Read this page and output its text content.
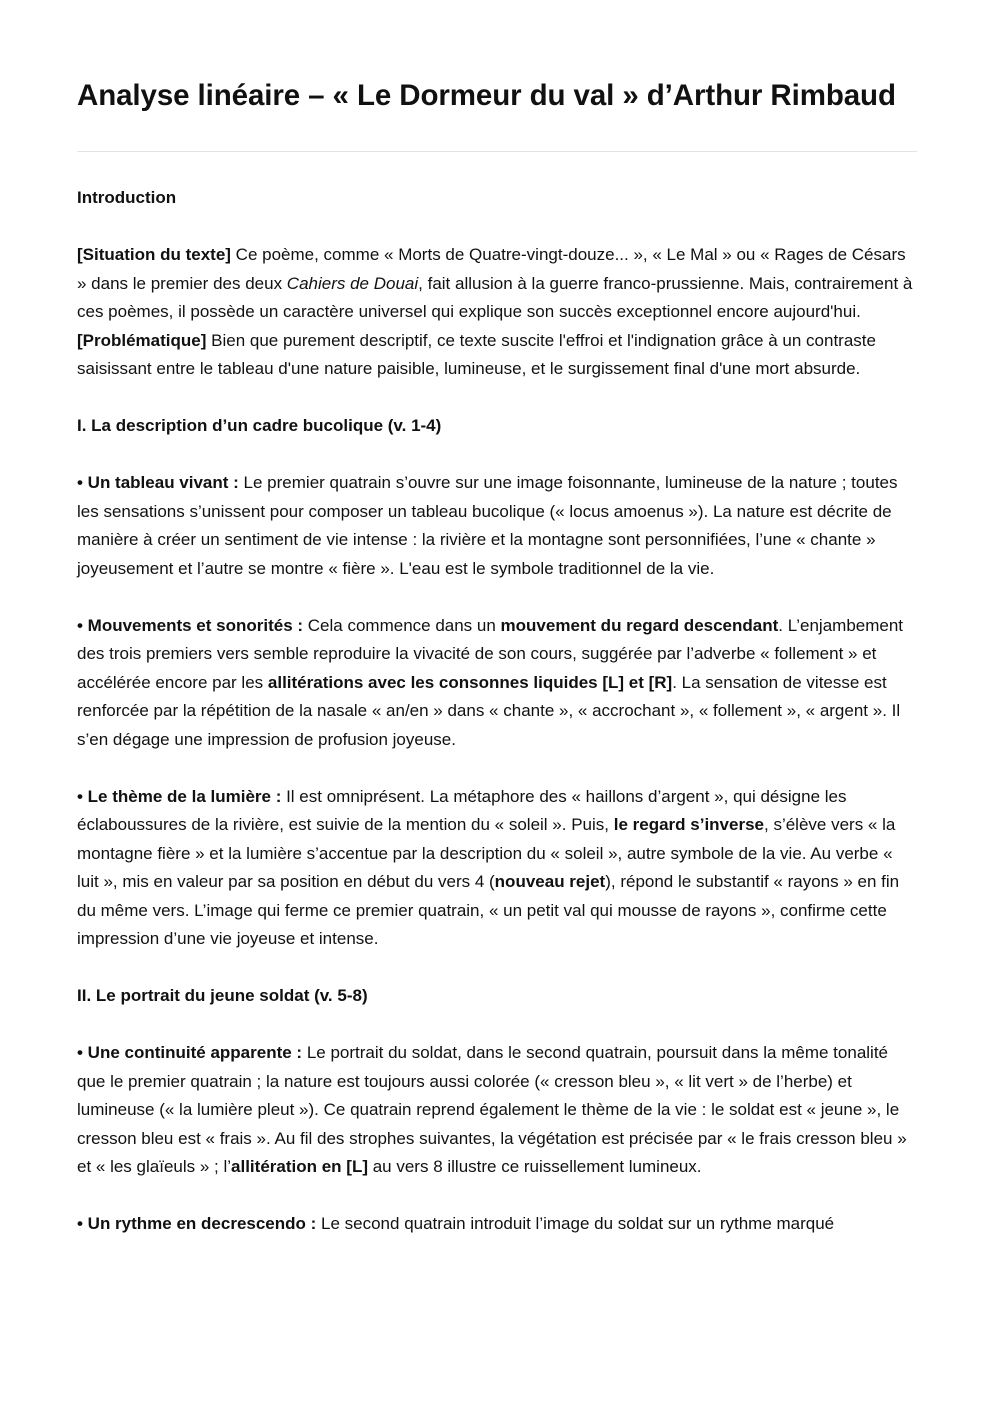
Analyse linéaire – « Le Dormeur du val » d’Arthur Rimbaud

Introduction

[Situation du texte] Ce poème, comme « Morts de Quatre-vingt-douze... », « Le Mal » ou « Rages de Césars » dans le premier des deux Cahiers de Douai, fait allusion à la guerre franco-prussienne. Mais, contrairement à ces poèmes, il possède un caractère universel qui explique son succès exceptionnel encore aujourd'hui.

[Problématique] Bien que purement descriptif, ce texte suscite l'effroi et l'indignation grâce à un contraste saisissant entre le tableau d'une nature paisible, lumineuse, et le surgissement final d'une mort absurde.

I. La description d’un cadre bucolique (v. 1-4)

• Un tableau vivant : Le premier quatrain s’ouvre sur une image foisonnante, lumineuse de la nature ; toutes les sensations s’unissent pour composer un tableau bucolique (« locus amoenus »). La nature est décrite de manière à créer un sentiment de vie intense : la rivière et la montagne sont personnifiées, l’une « chante » joyeusement et l’autre se montre « fière ». L'eau est le symbole traditionnel de la vie.

• Mouvements et sonorités : Cela commence dans un mouvement du regard descendant. L’enjambement des trois premiers vers semble reproduire la vivacité de son cours, suggérée par l’adverbe « follement » et accélérée encore par les allitérations avec les consonnes liquides [L] et [R]. La sensation de vitesse est renforcée par la répétition de la nasale « an/en » dans « chante », « accrochant », « follement », « argent ». Il s’en dégage une impression de profusion joyeuse.

• Le thème de la lumière : Il est omniprésent. La métaphore des « haillons d’argent », qui désigne les éclaboussures de la rivière, est suivie de la mention du « soleil ». Puis, le regard s’inverse, s’élève vers « la montagne fière » et la lumière s’accentue par la description du « soleil », autre symbole de la vie. Au verbe « luit », mis en valeur par sa position en début du vers 4 (nouveau rejet), répond le substantif « rayons » en fin du même vers. L’image qui ferme ce premier quatrain, « un petit val qui mousse de rayons », confirme cette impression d’une vie joyeuse et intense.

II. Le portrait du jeune soldat (v. 5-8)

• Une continuité apparente : Le portrait du soldat, dans le second quatrain, poursuit dans la même tonalité que le premier quatrain ; la nature est toujours aussi colorée (« cresson bleu », « lit vert » de l’herbe) et lumineuse (« la lumière pleut »). Ce quatrain reprend également le thème de la vie : le soldat est « jeune », le cresson bleu est « frais ». Au fil des strophes suivantes, la végétation est précisée par « le frais cresson bleu » et « les glaïeuls » ; l’allitération en [L] au vers 8 illustre ce ruissellement lumineux.

• Un rythme en decrescendo : Le second quatrain introduit l’image du soldat sur un rythme marqué
